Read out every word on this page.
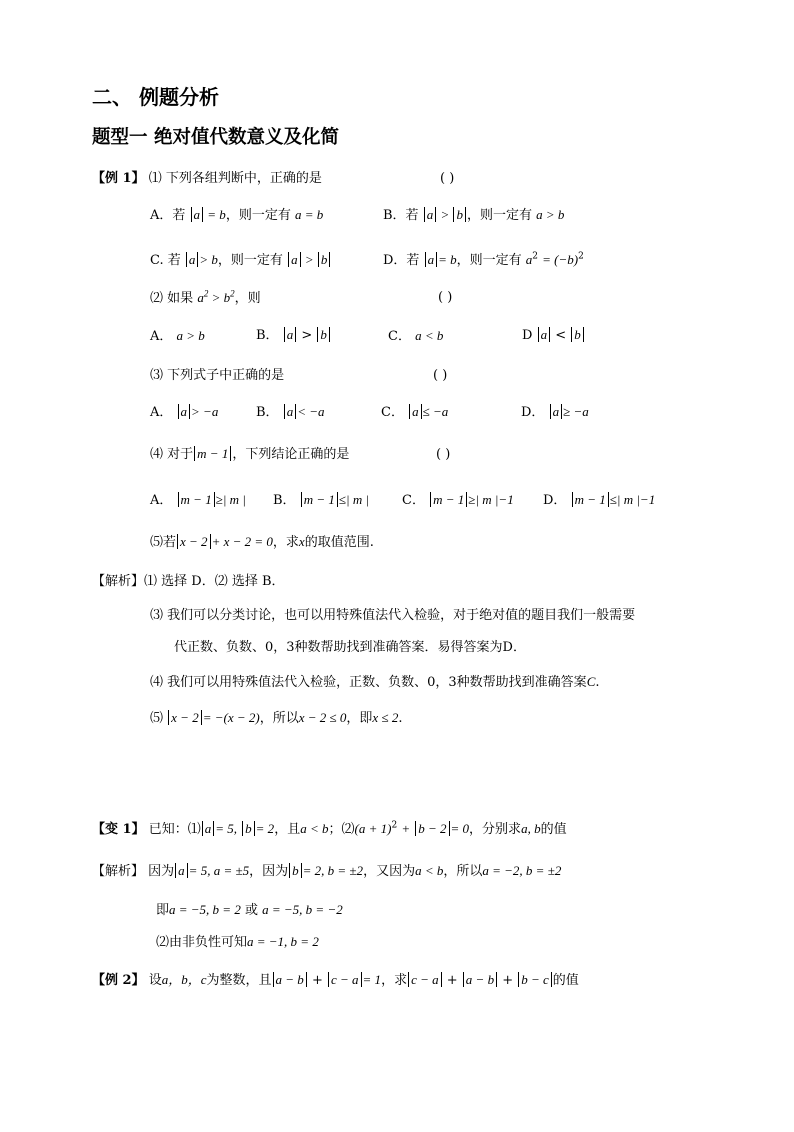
二、 例题分析
题型一 绝对值代数意义及化简
【例 1】 ⑴ 下列各组判断中，正确的是	( )
A．若 a = b，则一定有 a = b	B．若 a > b ，则一定有 a > b
C. 若 a > b，则一定有 a > b	D．若 a = b，则一定有 $a^2 = (-b)^2$
⑵ 如果 $a^2 > b^2$，则	( )
A． a > b	B． a > b	C． a < b	D a < b
⑶ 下列式子中正确的是	( )
A． a > −a	B． a < −a	C． a ≤ −a	D． a ≥ −a
⑷ 对于 m − 1 ，下列结论正确的是	( )
A． m − 1 ≥| m | B． m − 1 ≤| m |	C． m − 1 ≥| m |−1 D． m − 1 ≤| m |−1
⑸若 x − 2 + x − 2 = 0，求x的取值范围.
【解析】⑴ 选择 D．⑵ 选择 B．
⑶ 我们可以分类讨论，也可以用特殊值法代入检验，对于绝对值的题目我们一般需要
代正数、负数、0，3种数帮助找到准确答案．易得答案为D．
⑷ 我们可以用特殊值法代入检验，正数、负数、0，3种数帮助找到准确答案C.
⑸ x − 2 = −(x − 2)，所以x − 2 ≤ 0，即x ≤ 2.
【变 1】 已知：⑴ a = 5, b = 2，且a < b；⑵(a + 1)$^2$ + b − 2 = 0，分别求a, b的值
【解析】 因为 a = 5, a = ±5，因为 b = 2, b = ±2，又因为a < b，所以a = −2, b = ±2
即a = −5, b = 2 或 a = −5, b = −2
⑵由非负性可知a = −1, b = 2
【例 2】 设a，b，c为整数，且 a − b + c − a = 1，求 c − a + a − b + b − c 的值
